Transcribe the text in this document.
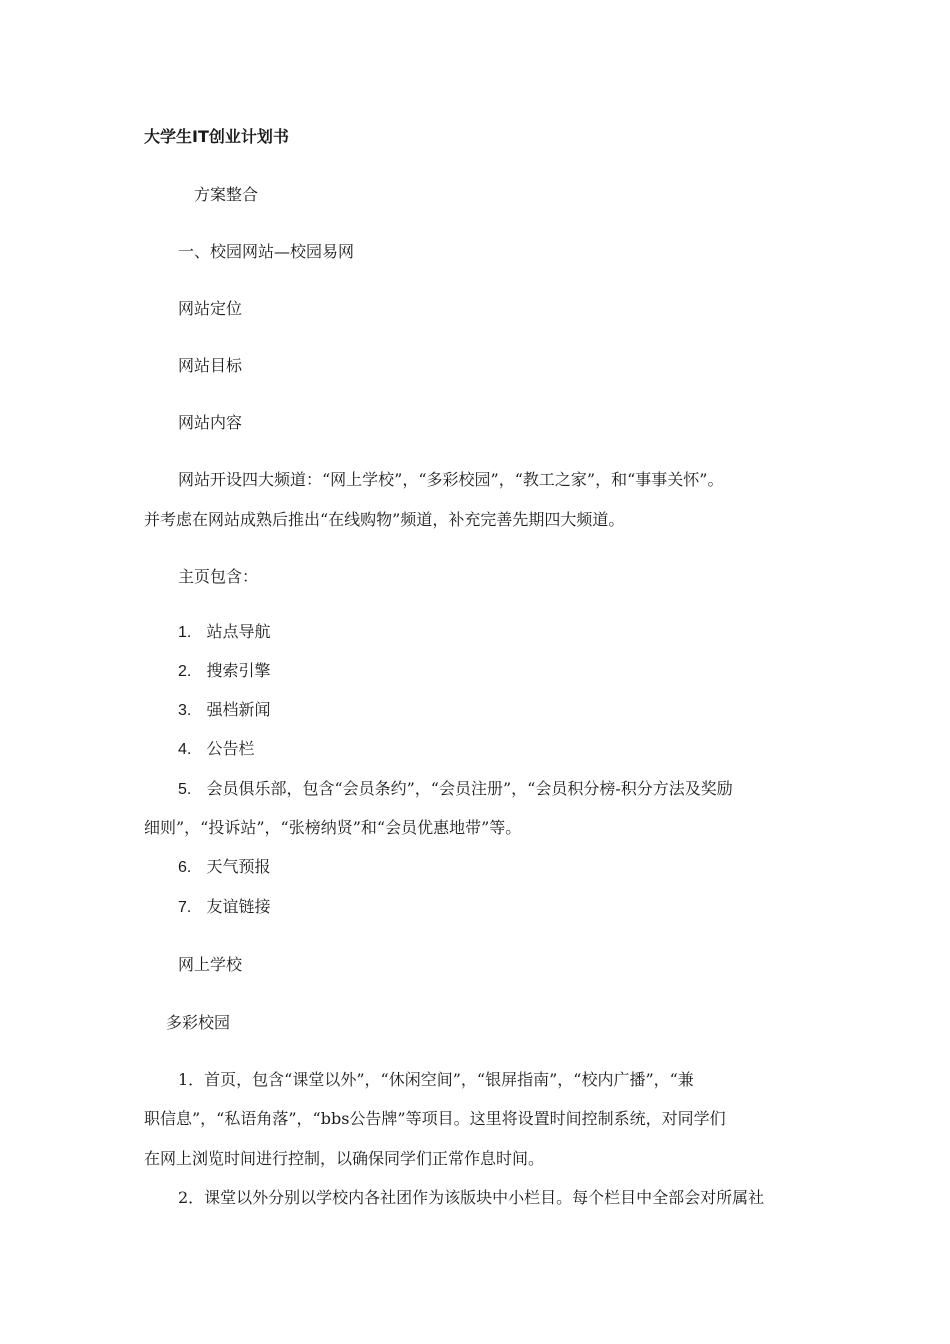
大学生IT创业计划书
方案整合
一、校园网站—校园易网
网站定位
网站目标
网站内容
网站开设四大频道：“网上学校”，“多彩校园”，“教工之家”，和“事事关怀”。
并考虑在网站成熟后推出“在线购物”频道，补充完善先期四大频道。
主页包含：
1. 站点导航
2. 搜索引擎
3. 强档新闻
4. 公告栏
5. 会员俱乐部，包含“会员条约”，“会员注册”，“会员积分榜-积分方法及奖励
细则”，“投诉站”，“张榜纳贤”和“会员优惠地带”等。
6. 天气预报
7. 友谊链接
网上学校
多彩校园
1．首页，包含“课堂以外”，“休闲空间”，“银屏指南”，“校内广播”，“兼
职信息”，“私语角落”，“bbs公告牌”等项目。这里将设置时间控制系统，对同学们
在网上浏览时间进行控制，以确保同学们正常作息时间。
2．课堂以外分别以学校内各社团作为该版块中小栏目。每个栏目中全部会对所属社
